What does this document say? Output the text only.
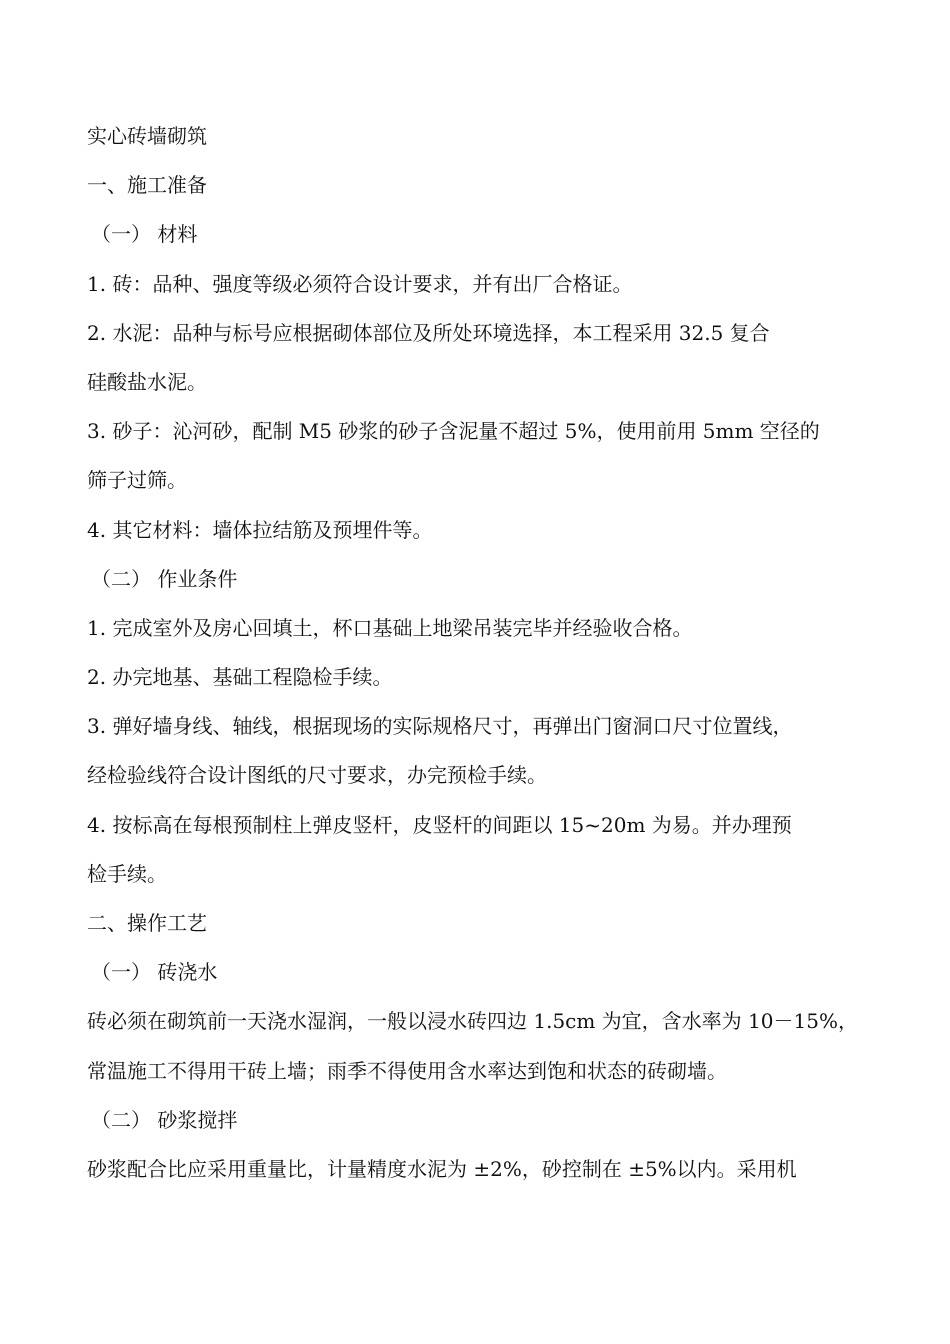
实心砖墙砌筑
一、施工准备
（一） 材料
1. 砖：品种、强度等级必须符合设计要求，并有出厂合格证。
2. 水泥：品种与标号应根据砌体部位及所处环境选择，本工程采用 32.5 复合
硅酸盐水泥。
3. 砂子：沁河砂，配制 M5 砂浆的砂子含泥量不超过 5%，使用前用 5mm 空径的
筛子过筛。
4. 其它材料：墙体拉结筋及预埋件等。
（二） 作业条件
1. 完成室外及房心回填土，杯口基础上地梁吊装完毕并经验收合格。
2. 办完地基、基础工程隐检手续。
3. 弹好墙身线、轴线，根据现场的实际规格尺寸，再弹出门窗洞口尺寸位置线，
经检验线符合设计图纸的尺寸要求，办完预检手续。
4. 按标高在每根预制柱上弹皮竖杆，皮竖杆的间距以 15~20m 为易。并办理预
检手续。
二、操作工艺
（一） 砖浇水
砖必须在砌筑前一天浇水湿润，一般以浸水砖四边 1.5cm 为宜，含水率为 10－15%，
常温施工不得用干砖上墙；雨季不得使用含水率达到饱和状态的砖砌墙。
（二） 砂浆搅拌
砂浆配合比应采用重量比，计量精度水泥为 ±2%，砂控制在 ±5%以内。采用机
